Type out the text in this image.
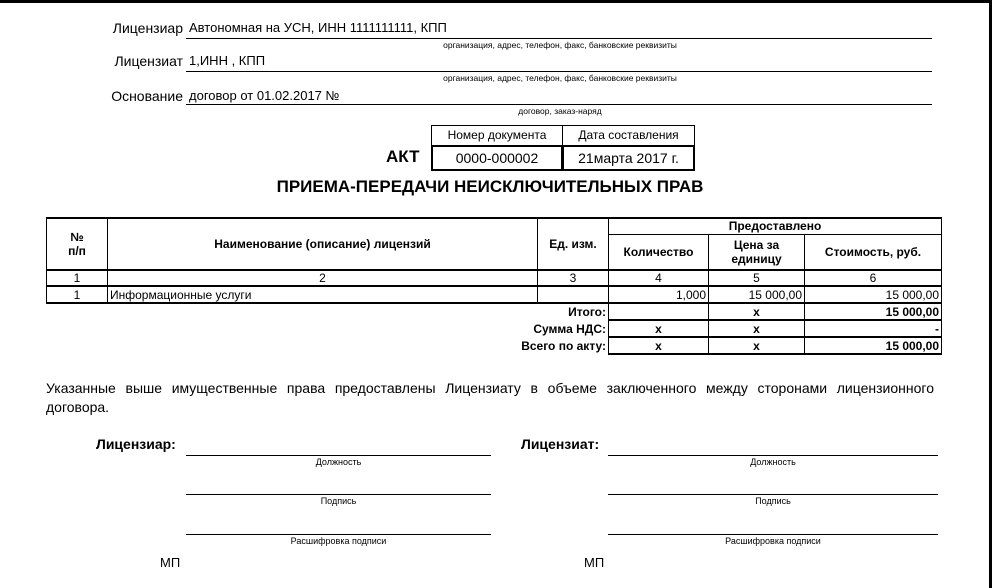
Лицензиар Автономная на УСН, ИНН 1111111111, КПП
организация, адрес, телефон, факс, банковские реквизиты
Лицензиат 1,ИНН , КПП
организация, адрес, телефон, факс, банковские реквизиты
Основание договор от 01.02.2017 №
договор, заказ-наряд
АКТ
Номер документа	Дата составления
0000-000002	21марта 2017 г.
ПРИЕМА-ПЕРЕДАЧИ НЕИСКЛЮЧИТЕЛЬНЫХ ПРАВ
№
п/п	Наименование (описание) лицензий	Ед. изм.	Предоставлено		
			Количество	Цена за единицу	Стоимость, руб.
1	2	3	4	5	6
1	Информационные услуги		1,000	15 000,00	15 000,00
Итого:				x	15 000,00
Сумма НДС:			x	x	-
Всего по акту:			x	x	15 000,00
Указанные выше имущественные права предоставлены Лицензиату в объеме заключенного между сторонами лицензионного договора.
Лицензиар:
Должность
Подпись
Расшифровка подписи
МП
Лицензиат:
Должность
Подпись
Расшифровка подписи
МП
